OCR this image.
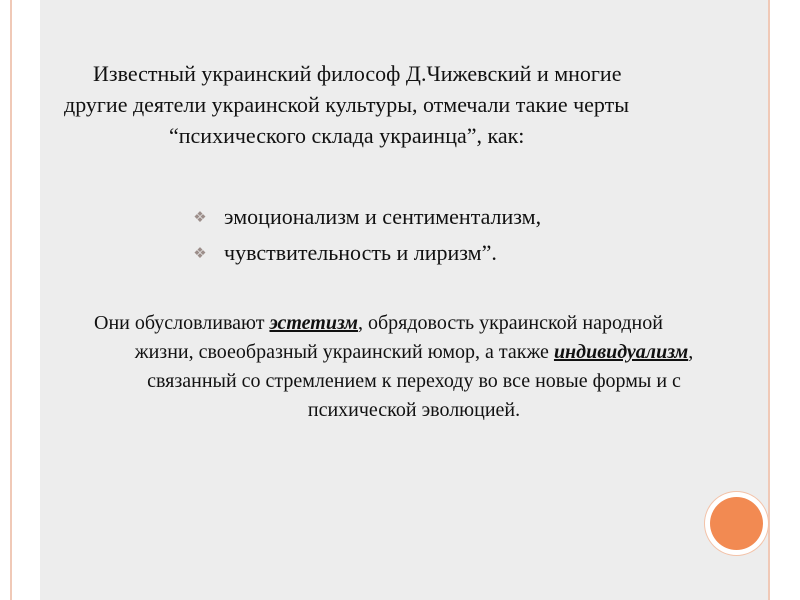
Известный украинский философ Д.Чижевский и многие
другие деятели украинской культуры, отмечали такие черты
“психического склада украинца”, как:
❖ эмоционализм и сентиментализм,
❖ чувствительность и лиризм”.
Они обусловливают эстетизм, обрядовость украинской народной
жизни, своеобразный украинский юмор, а также индивидуализм,
связанный со стремлением к переходу во все новые формы и с
психической эволюцией.
